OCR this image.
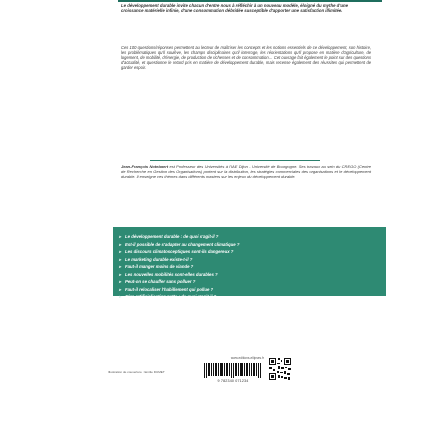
Le développement durable invite chacun d'entre nous à réfléchir à un nouveau modèle, éloigné du mythe d'une croissance matérielle infinie, d'une consommation débridée susceptible d'apporter une satisfaction illimitée.

Ces 100 questions/réponses permettent au lecteur de maîtriser les concepts et les notions essentiels de ce développement, son histoire, les problématiques qu'il soulève, les champs disciplinaires qu'il interroge, les réorientations qu'il propose en matière d'agriculture, de logement, de mobilité, d'énergie, de production de richesses et de consommation… Cet ouvrage fait également le point sur des questions d'actualité, et questionne le retard pris en matière de développement durable, mais recense également des réussites qui permettent de garder espoir.

Jean-François Notebaert est Professeur des Universités à l'IAE Dijon - Université de Bourgogne. Ses travaux au sein du CREGO (Centre de Recherche en Gestion des Organisations) portent sur la distribution, les stratégies commerciales des organisations et le développement durable. Il enseigne ces thèmes dans différents masters sur les enjeux du développement durable.

▸ Le développement durable : de quoi s'agit-il ?
▸ Est-il possible de s'adapter au changement climatique ?
▸ Les discours climatosceptiques sont-ils dangereux ?
▸ Le marketing durable existe-t-il ?
▸ Faut-il manger moins de viande ?
▸ Les nouvelles mobilités sont-elles durables ?
▸ Peut-on se chauffer sans polluer ?
▸ Faut-il relocaliser l'habillement qui pollue ?
▸ Zéro artificialisation nette : de quoi s'agit-il ?
Illustration de couverture : Emilie DUMET
www.editions-ellipses.fr
9 782340 071234
